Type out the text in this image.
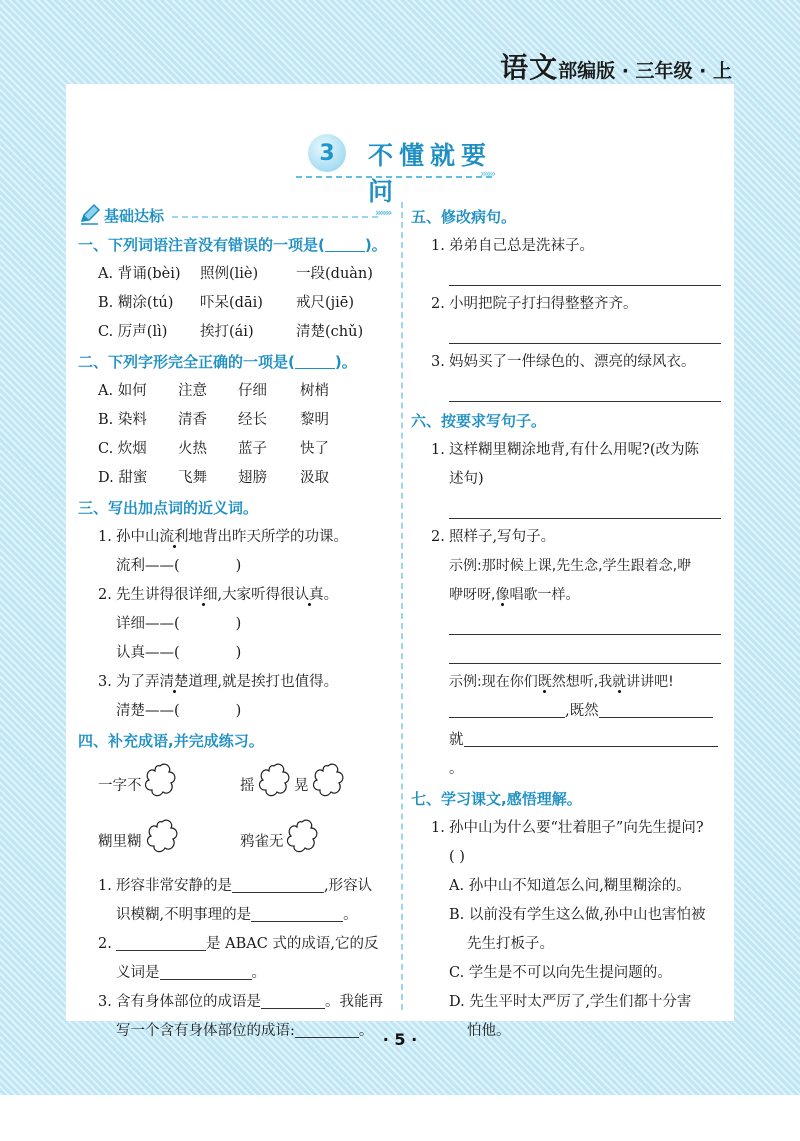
语文 部编版 · 三年级 · 上
3	不懂就要问
»»»
基础达标	»»»
一、下列词语注音没有错误的一项是(	)。
A. 背诵(bèi) 照例(liè)	一段(duàn)
B. 糊涂(tú) 吓呆(dāi) 戒尺(jiē)
C. 厉声(lì) 挨打(ái)	清楚(chǔ)
二、下列字形完全正确的一项是(	)。
A. 如何 注意 仔细 树梢
B. 染料 清香 经长 黎明
C. 炊烟 火热 蓝子 快了
D. 甜蜜 飞舞 翅膀 汲取
三、写出加点词的近义词。
1. 孙中山流利地背出昨天所学的功课。
流利——(	)
2. 先生讲得很详细,大家听得很认真。
详细——(	)
认真——(	)
3. 为了弄清楚道理,就是挨打也值得。
清楚——(	)
四、补充成语,并完成练习。
一字不	摇	晃
糊里糊	鸦雀无
1. 形容非常安静的是	,形容认
识模糊,不明事理的是	。
2.	是 ABAC 式的成语,它的反
义词是	。
3. 含有身体部位的成语是	。我能再
写一个含有身体部位的成语:	。
五、修改病句。
1. 弟弟自己总是洗袜子。
2. 小明把院子打扫得整整齐齐。
3. 妈妈买了一件绿色的、漂亮的绿风衣。
六、按要求写句子。
1. 这样糊里糊涂地背,有什么用呢?(改为陈
述句)
2. 照样子,写句子。
示例:那时候上课,先生念,学生跟着念,咿
咿呀呀,像唱歌一样。
示例:现在你们既然想听,我就讲讲吧!
,既然
就。
七、学习课文,感悟理解。
1. 孙中山为什么要“壮着胆子”向先生提问?
( )
A. 孙中山不知道怎么问,糊里糊涂的。
B. 以前没有学生这么做,孙中山也害怕被
先生打板子。
C. 学生是不可以向先生提问题的。
D. 先生平时太严厉了,学生们都十分害
怕他。
· 5 ·
